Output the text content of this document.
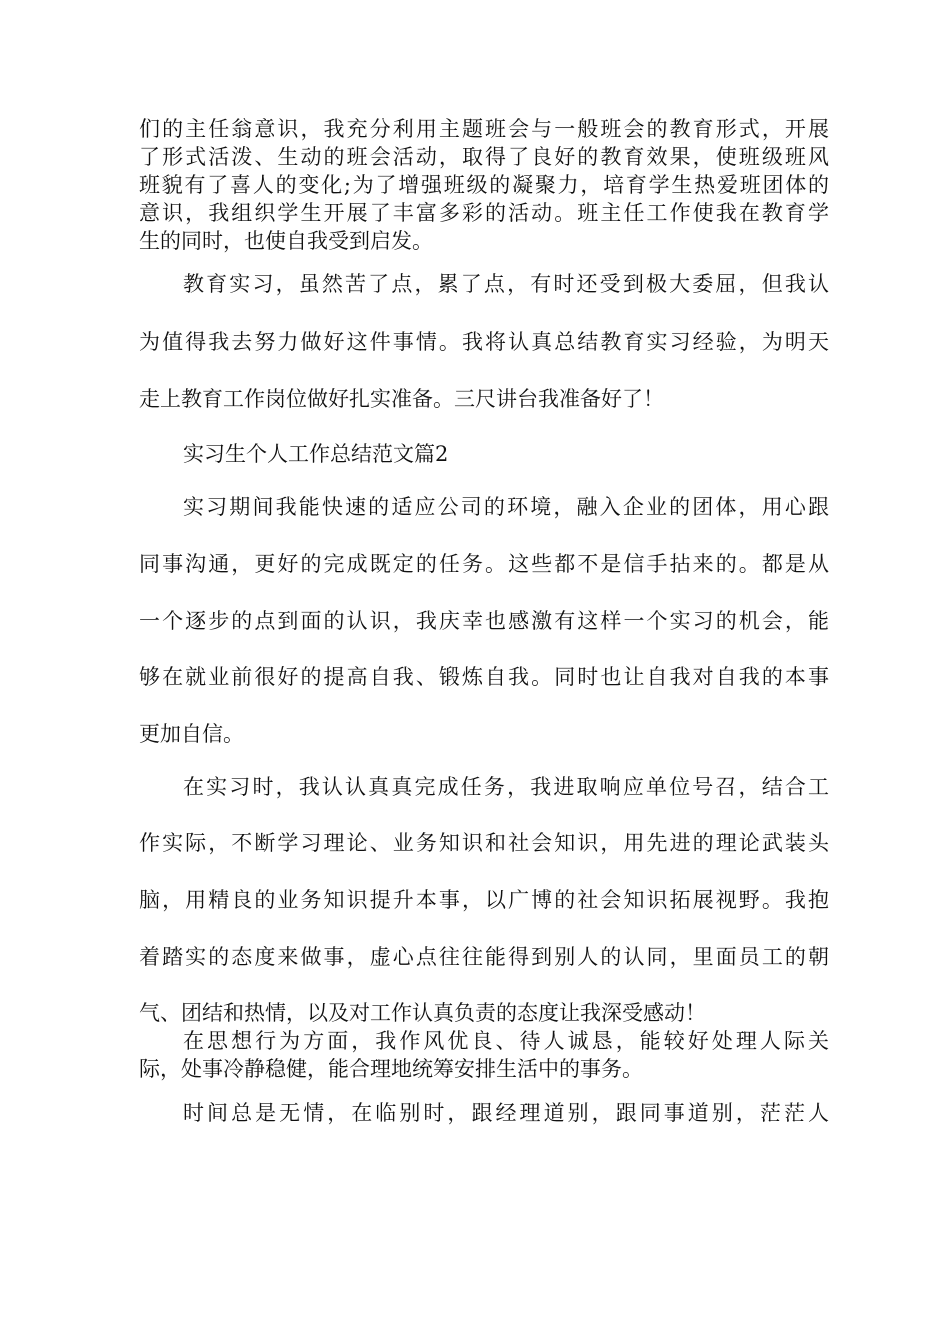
们的主任翁意识，我充分利用主题班会与一般班会的教育形式，开展
了形式活泼、生动的班会活动，取得了良好的教育效果，使班级班风
班貌有了喜人的变化;为了增强班级的凝聚力，培育学生热爱班团体的
意识，我组织学生开展了丰富多彩的活动。班主任工作使我在教育学
生的同时，也使自我受到启发。
教育实习，虽然苦了点，累了点，有时还受到极大委屈，但我认
为值得我去努力做好这件事情。我将认真总结教育实习经验，为明天
走上教育工作岗位做好扎实准备。三尺讲台我准备好了！
实习生个人工作总结范文篇2
实习期间我能快速的适应公司的环境，融入企业的团体，用心跟
同事沟通，更好的完成既定的任务。这些都不是信手拈来的。都是从
一个逐步的点到面的认识，我庆幸也感激有这样一个实习的机会，能
够在就业前很好的提高自我、锻炼自我。同时也让自我对自我的本事
更加自信。
在实习时，我认认真真完成任务，我进取响应单位号召，结合工
作实际，不断学习理论、业务知识和社会知识，用先进的理论武装头
脑，用精良的业务知识提升本事，以广博的社会知识拓展视野。我抱
着踏实的态度来做事，虚心点往往能得到别人的认同，里面员工的朝
气、团结和热情，以及对工作认真负责的态度让我深受感动！
在思想行为方面，我作风优良、待人诚恳，能较好处理人际关
际，处事冷静稳健，能合理地统筹安排生活中的事务。
时间总是无情，在临别时，跟经理道别，跟同事道别，茫茫人
